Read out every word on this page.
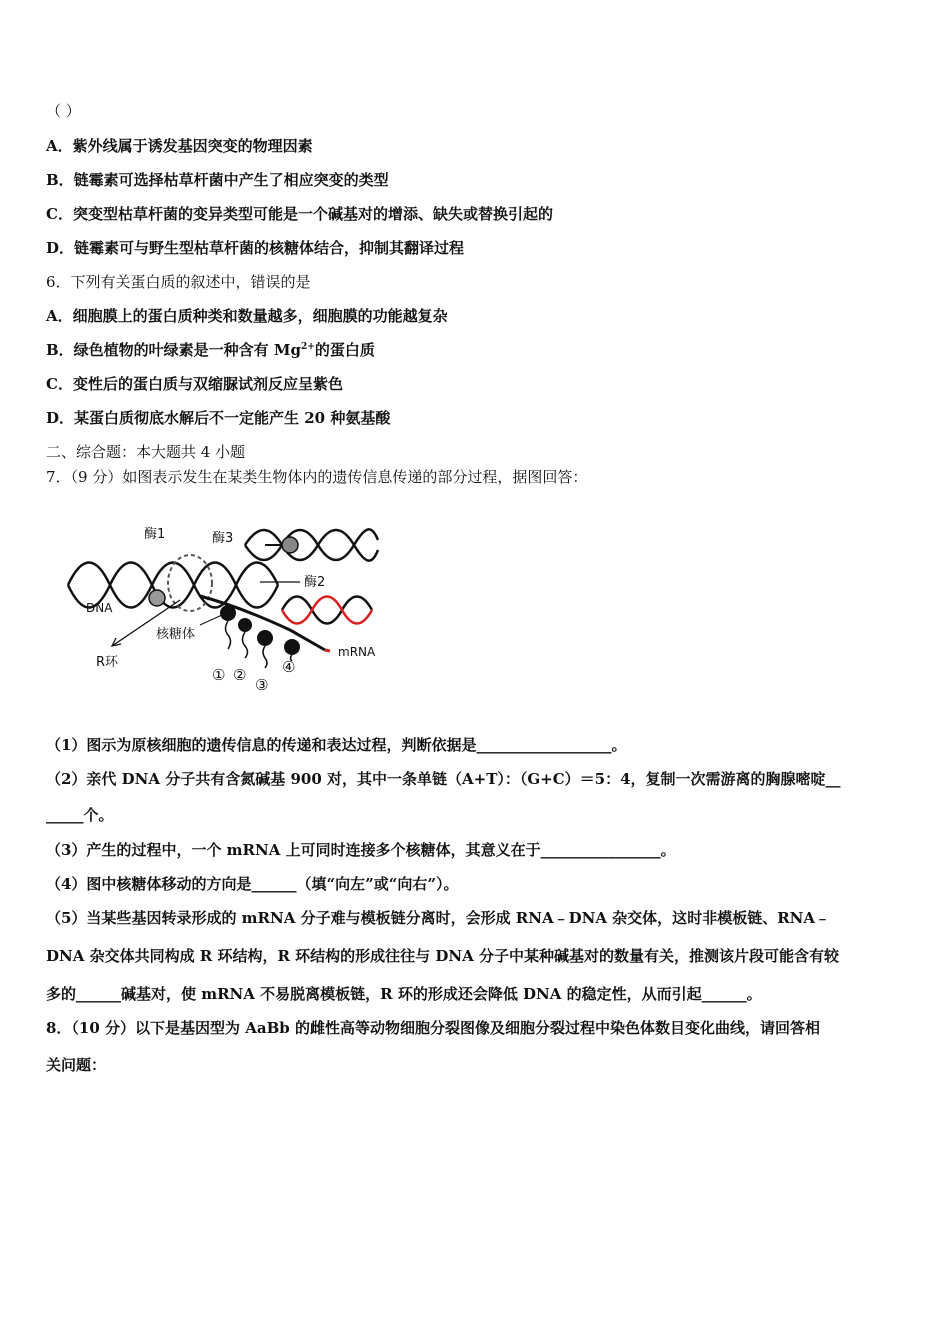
（ ）
A．紫外线属于诱发基因突变的物理因素
B．链霉素可选择枯草杆菌中产生了相应突变的类型
C．突变型枯草杆菌的变异类型可能是一个碱基对的增添、缺失或替换引起的
D．链霉素可与野生型枯草杆菌的核糖体结合，抑制其翻译过程
6．下列有关蛋白质的叙述中，错误的是
A．细胞膜上的蛋白质种类和数量越多，细胞膜的功能越复杂
B．绿色植物的叶绿素是一种含有 $Mg^{2+}$的蛋白质
C．变性后的蛋白质与双缩脲试剂反应呈紫色
D．某蛋白质彻底水解后不一定能产生 20 种氨基酸
二、综合题：本大题共 4 小题
7．（9 分）如图表示发生在某类生物体内的遗传信息传递的部分过程，据图回答：
酶1	酶3
酶2
DNA
核糖体
R环
mRNA
① ②
③
④
（1）图示为原核细胞的遗传信息的传递和表达过程，判断依据是__________________。
（2）亲代 DNA 分子共有含氮碱基 900 对，其中一条单链（A+T）：（G+C）＝5：4，复制一次需游离的胸腺嘧啶__
_____个。
（3）产生的过程中，一个 mRNA 上可同时连接多个核糖体，其意义在于________________。
（4）图中核糖体移动的方向是______（填“向左”或“向右”）。
（5）当某些基因转录形成的 mRNA 分子难与模板链分离时，会形成 RNA﹣DNA 杂交体，这时非模板链、RNA﹣
DNA 杂交体共同构成 R 环结构，R 环结构的形成往往与 DNA 分子中某种碱基对的数量有关，推测该片段可能含有较
多的______碱基对，使 mRNA 不易脱离模板链，R 环的形成还会降低 DNA 的稳定性，从而引起______。
8．（10 分）以下是基因型为 AaBb 的雌性高等动物细胞分裂图像及细胞分裂过程中染色体数目变化曲线，请回答相
关问题：
